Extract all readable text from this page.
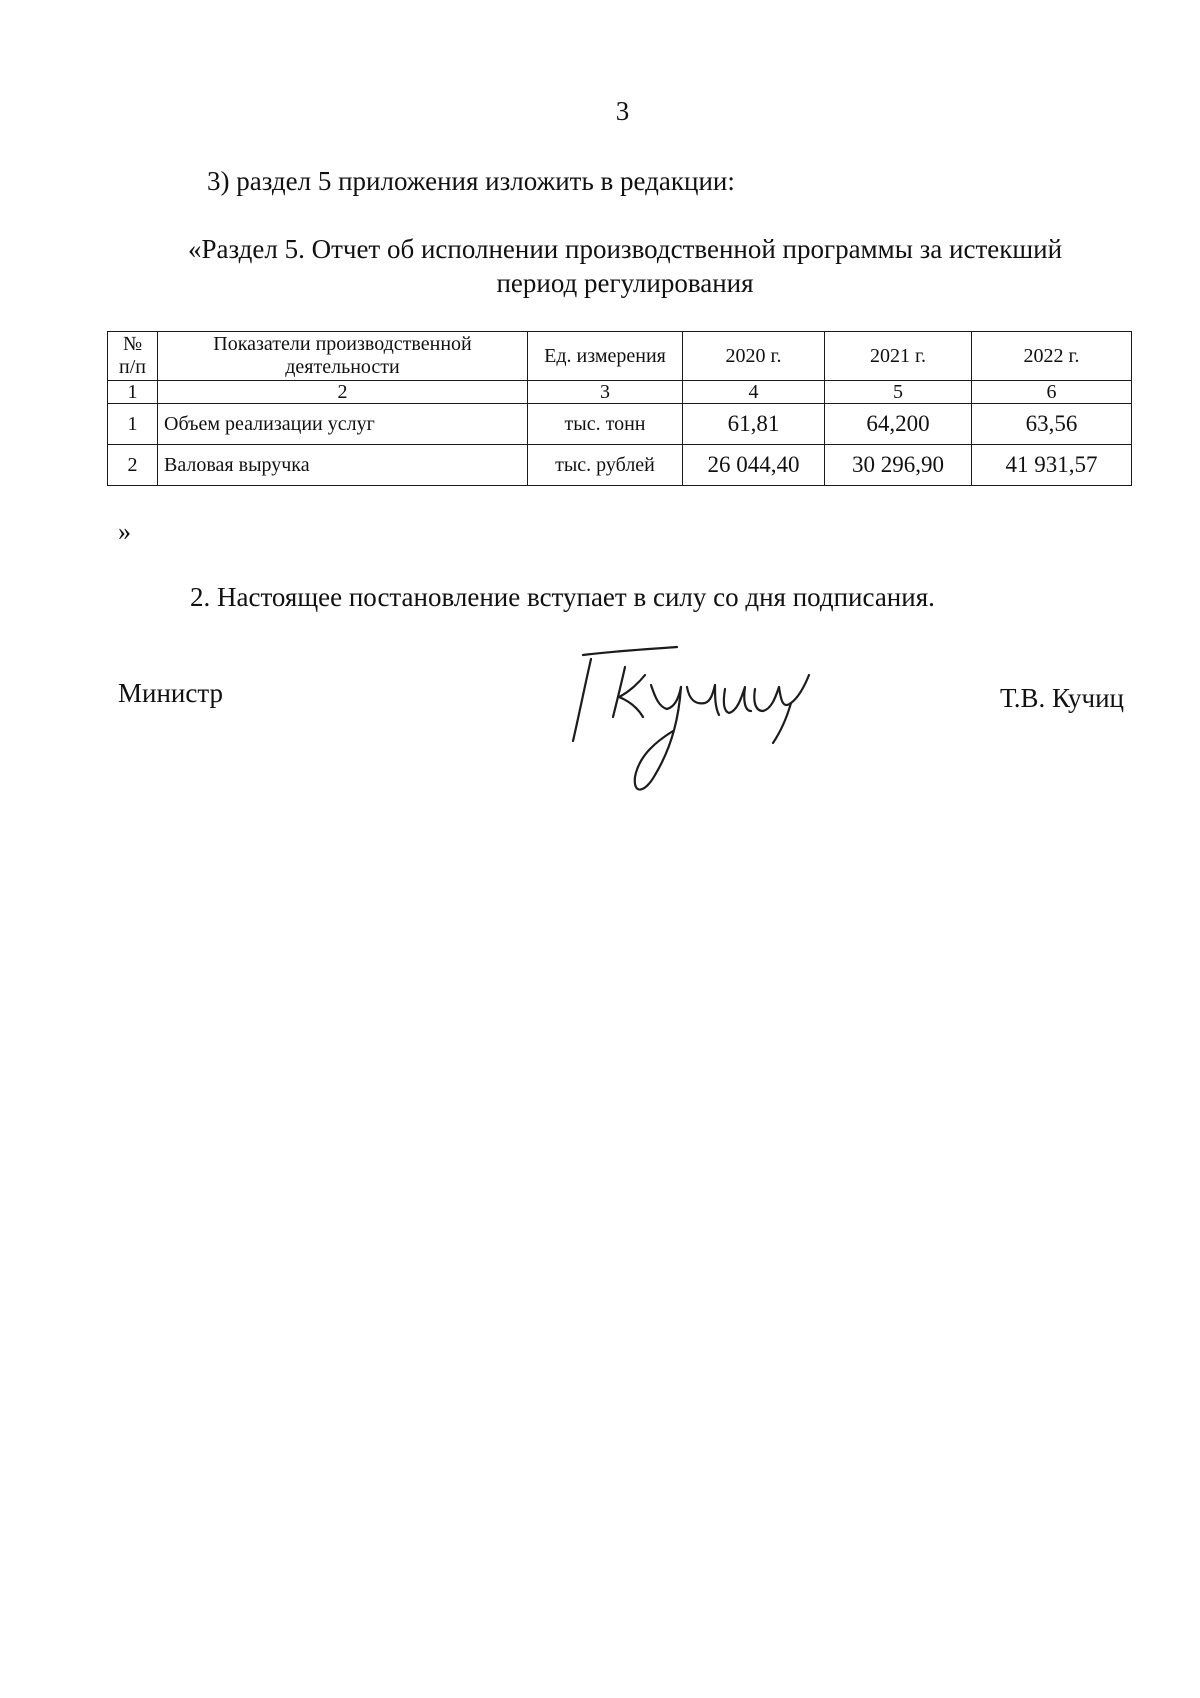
3
3) раздел 5 приложения изложить в редакции:
«Раздел 5. Отчет об исполнении производственной программы за истекший период регулирования
№ п/п	Показатели производственной деятельности	Ед. измерения	2020 г.	2021 г.	2022 г.
1	2	3	4	5	6
1	Объем реализации услуг	тыс. тонн	61,81	64,200	63,56
2	Валовая выручка	тыс. рублей	26 044,40	30 296,90	41 931,57
»
2. Настоящее постановление вступает в силу со дня подписания.
Министр	Т.В. Кучиц
